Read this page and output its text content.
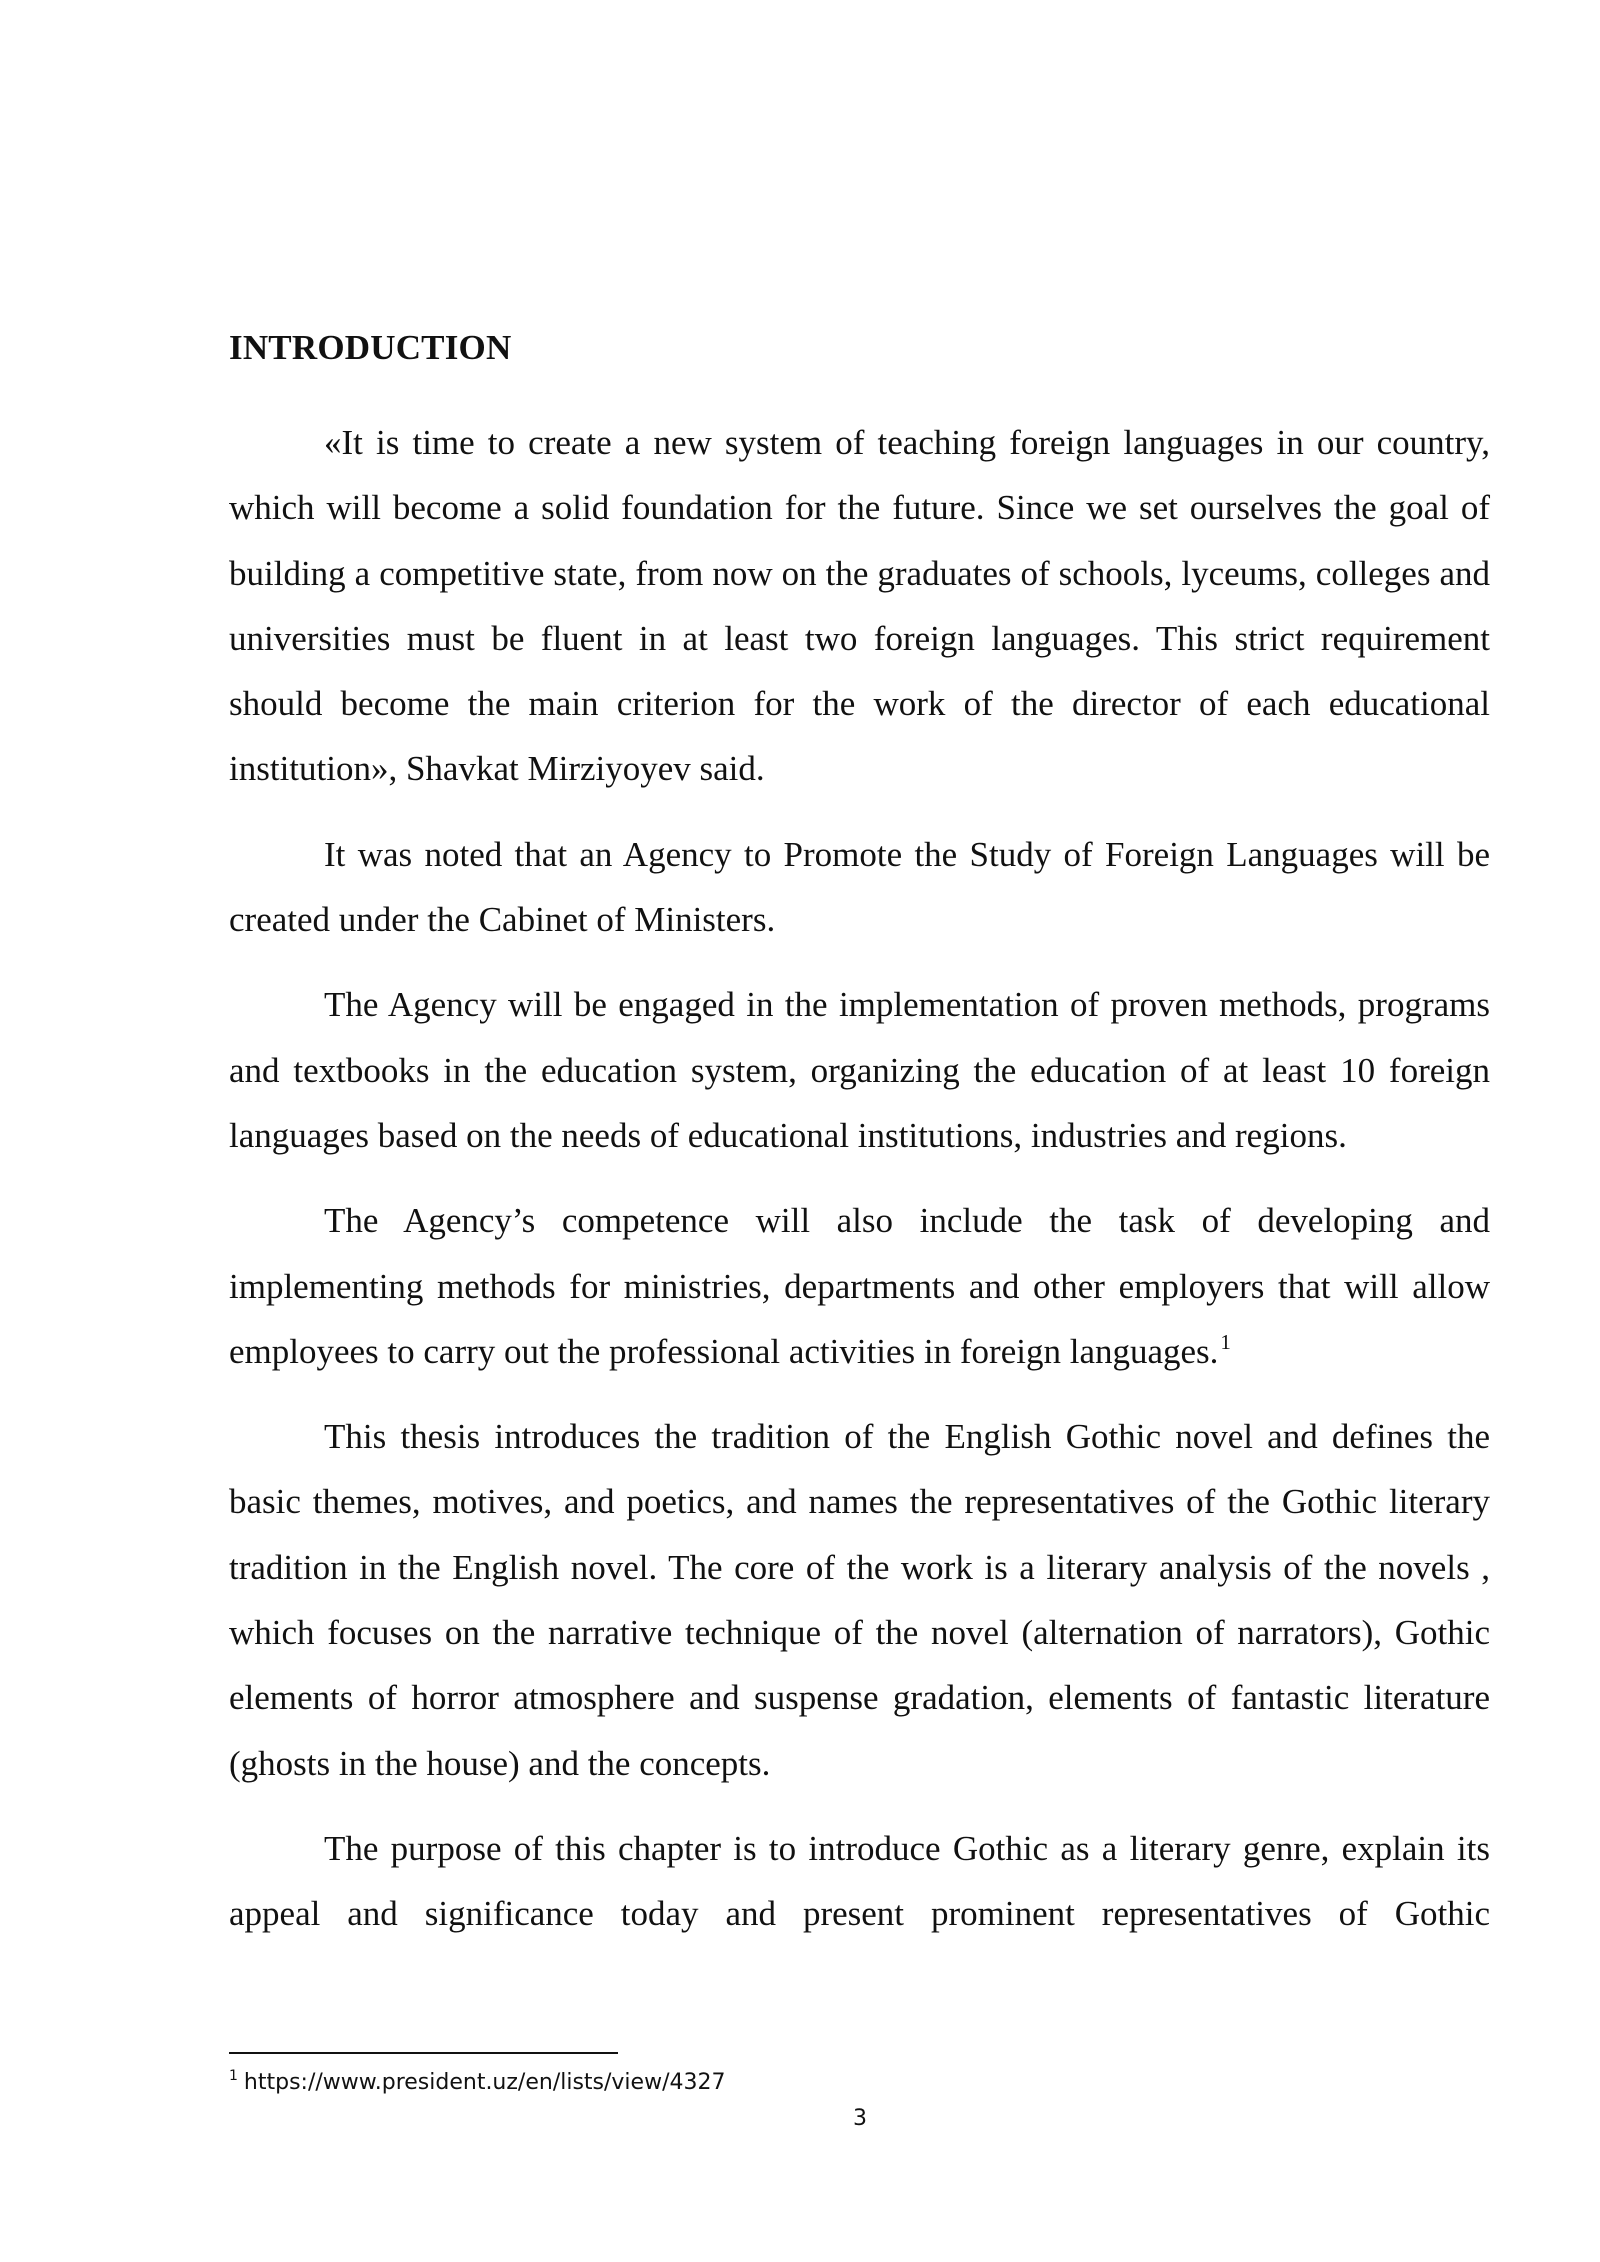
INTRODUCTION

«It is time to create a new system of teaching foreign languages in our country, which will become a solid foundation for the future. Since we set ourselves the goal of building a competitive state, from now on the graduates of schools, lyceums, colleges and universities must be fluent in at least two foreign languages. This strict requirement should become the main criterion for the work of the director of each educational institution», Shavkat Mirziyoyev said.

It was noted that an Agency to Promote the Study of Foreign Languages will be created under the Cabinet of Ministers.

The Agency will be engaged in the implementation of proven methods, programs and textbooks in the education system, organizing the education of at least 10 foreign languages based on the needs of educational institutions, industries and regions.

The Agency’s competence will also include the task of developing and implementing methods for ministries, departments and other employers that will allow employees to carry out the professional activities in foreign languages.$^1$

This thesis introduces the tradition of the English Gothic novel and defines the basic themes, motives, and poetics, and names the representatives of the Gothic literary tradition in the English novel. The core of the work is a literary analysis of the novels , which focuses on the narrative technique of the novel (alternation of narrators), Gothic elements of horror atmosphere and suspense gradation, elements of fantastic literature (ghosts in the house) and the concepts.

The purpose of this chapter is to introduce Gothic as a literary genre, explain its appeal and significance today and present prominent representatives of Gothic

$^1$ https://www.president.uz/en/lists/view/4327
3
